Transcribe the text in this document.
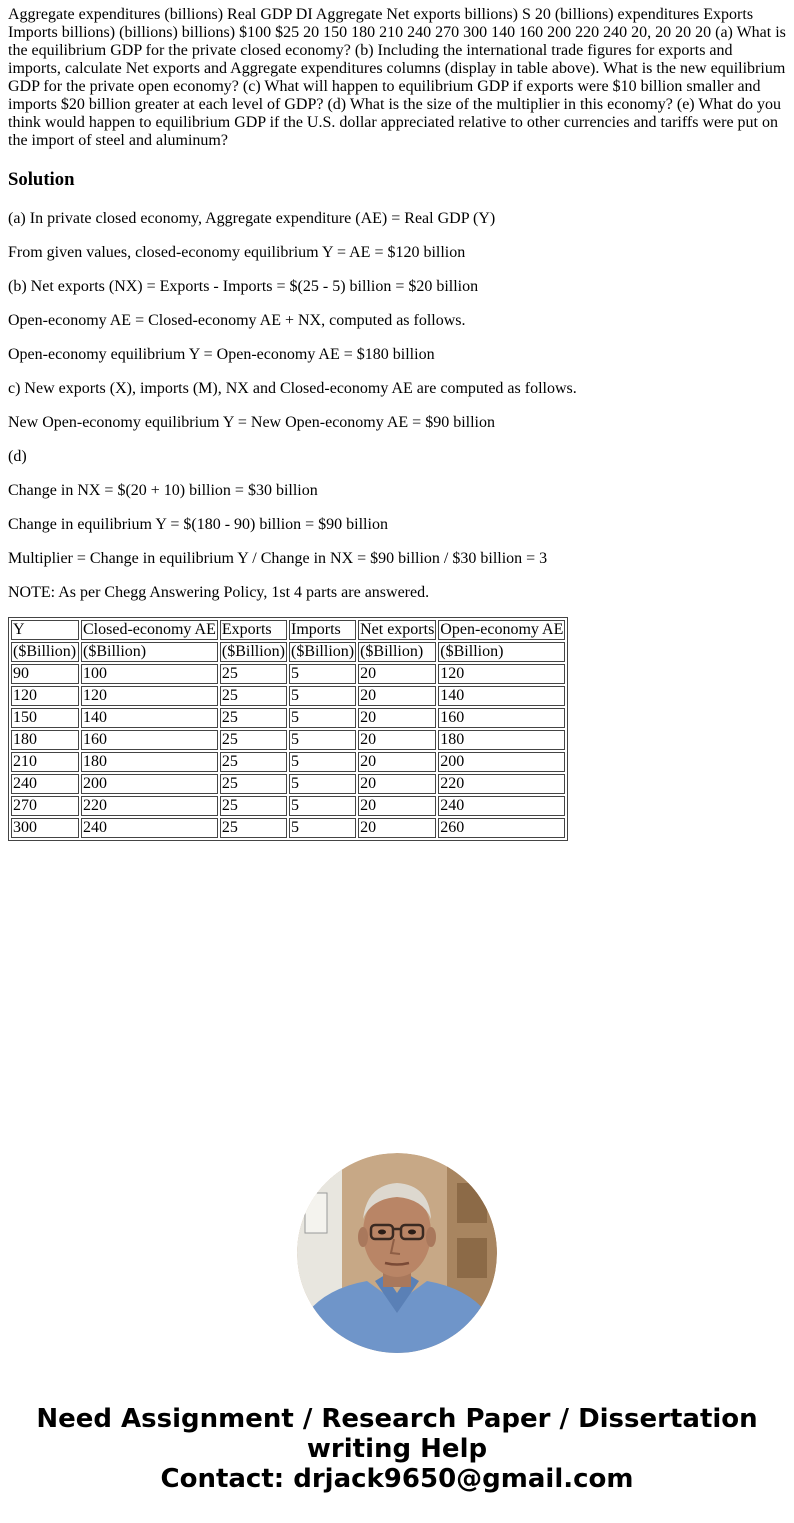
Aggregate expenditures (billions) Real GDP DI Aggregate Net exports billions) S 20 (billions) expenditures Exports Imports billions) (billions) billions) $100 $25 20 150 180 210 240 270 300 140 160 200 220 240 20, 20 20 20 (a) What is the equilibrium GDP for the private closed economy? (b) Including the international trade figures for exports and imports, calculate Net exports and Aggregate expenditures columns (display in table above). What is the new equilibrium GDP for the private open economy? (c) What will happen to equilibrium GDP if exports were $10 billion smaller and imports $20 billion greater at each level of GDP? (d) What is the size of the multiplier in this economy? (e) What do you think would happen to equilibrium GDP if the U.S. dollar appreciated relative to other currencies and tariffs were put on the import of steel and aluminum?

Solution

(a) In private closed economy, Aggregate expenditure (AE) = Real GDP (Y)

From given values, closed-economy equilibrium Y = AE = $120 billion

(b) Net exports (NX) = Exports - Imports = $(25 - 5) billion = $20 billion

Open-economy AE = Closed-economy AE + NX, computed as follows.

Open-economy equilibrium Y = Open-economy AE = $180 billion

c) New exports (X), imports (M), NX and Closed-economy AE are computed as follows.

New Open-economy equilibrium Y = New Open-economy AE = $90 billion

(d)

Change in NX = $(20 + 10) billion = $30 billion

Change in equilibrium Y = $(180 - 90) billion = $90 billion

Multiplier = Change in equilibrium Y / Change in NX = $90 billion / $30 billion = 3

NOTE: As per Chegg Answering Policy, 1st 4 parts are answered.

Y	Closed-economy AE	Exports	Imports	Net exports	Open-economy AE
($Billion)	($Billion)	($Billion)	($Billion)	($Billion)	($Billion)
90	100	25	5	20	120
120	120	25	5	20	140
150	140	25	5	20	160
180	160	25	5	20	180
210	180	25	5	20	200
240	200	25	5	20	220
270	220	25	5	20	240
300	240	25	5	20	260
Need Assignment / Research Paper / Dissertation
writing Help
Contact: drjack9650@gmail.com
